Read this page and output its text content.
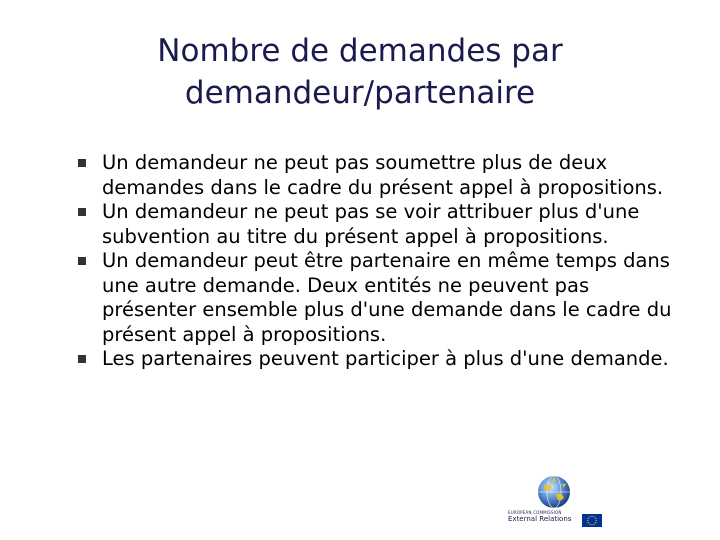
Nombre de demandes par
demandeur/partenaire
Un demandeur ne peut pas soumettre plus de deux demandes dans le cadre du présent appel à propositions.
Un demandeur ne peut pas se voir attribuer plus d'une subvention au titre du présent appel à propositions.
Un demandeur peut être partenaire en même temps dans une autre demande. Deux entités ne peuvent pas présenter ensemble plus d'une demande dans le cadre du présent appel à propositions.
Les partenaires peuvent participer à plus d'une demande.
EUROPEAN COMMISSION
External Relations
